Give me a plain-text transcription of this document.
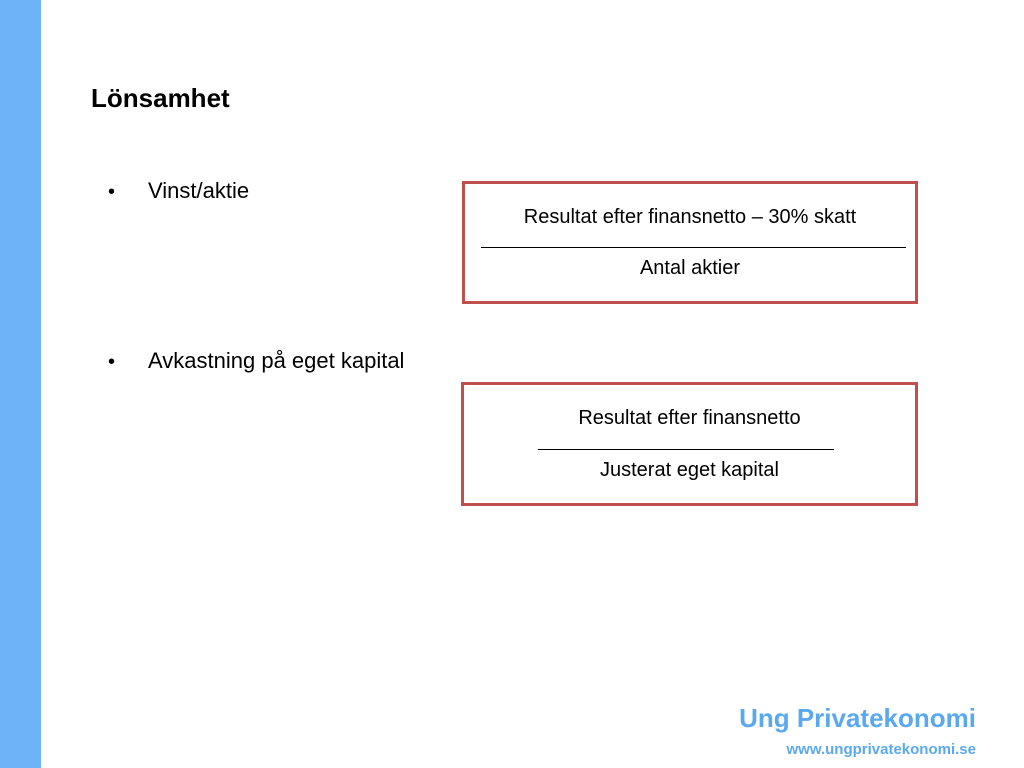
Lönsamhet
•	Vinst/aktie
Resultat efter finansnetto – 30% skatt
Antal aktier
•	Avkastning på eget kapital
Resultat efter finansnetto
Justerat eget kapital
Ung Privatekonomi
www.ungprivatekonomi.se
